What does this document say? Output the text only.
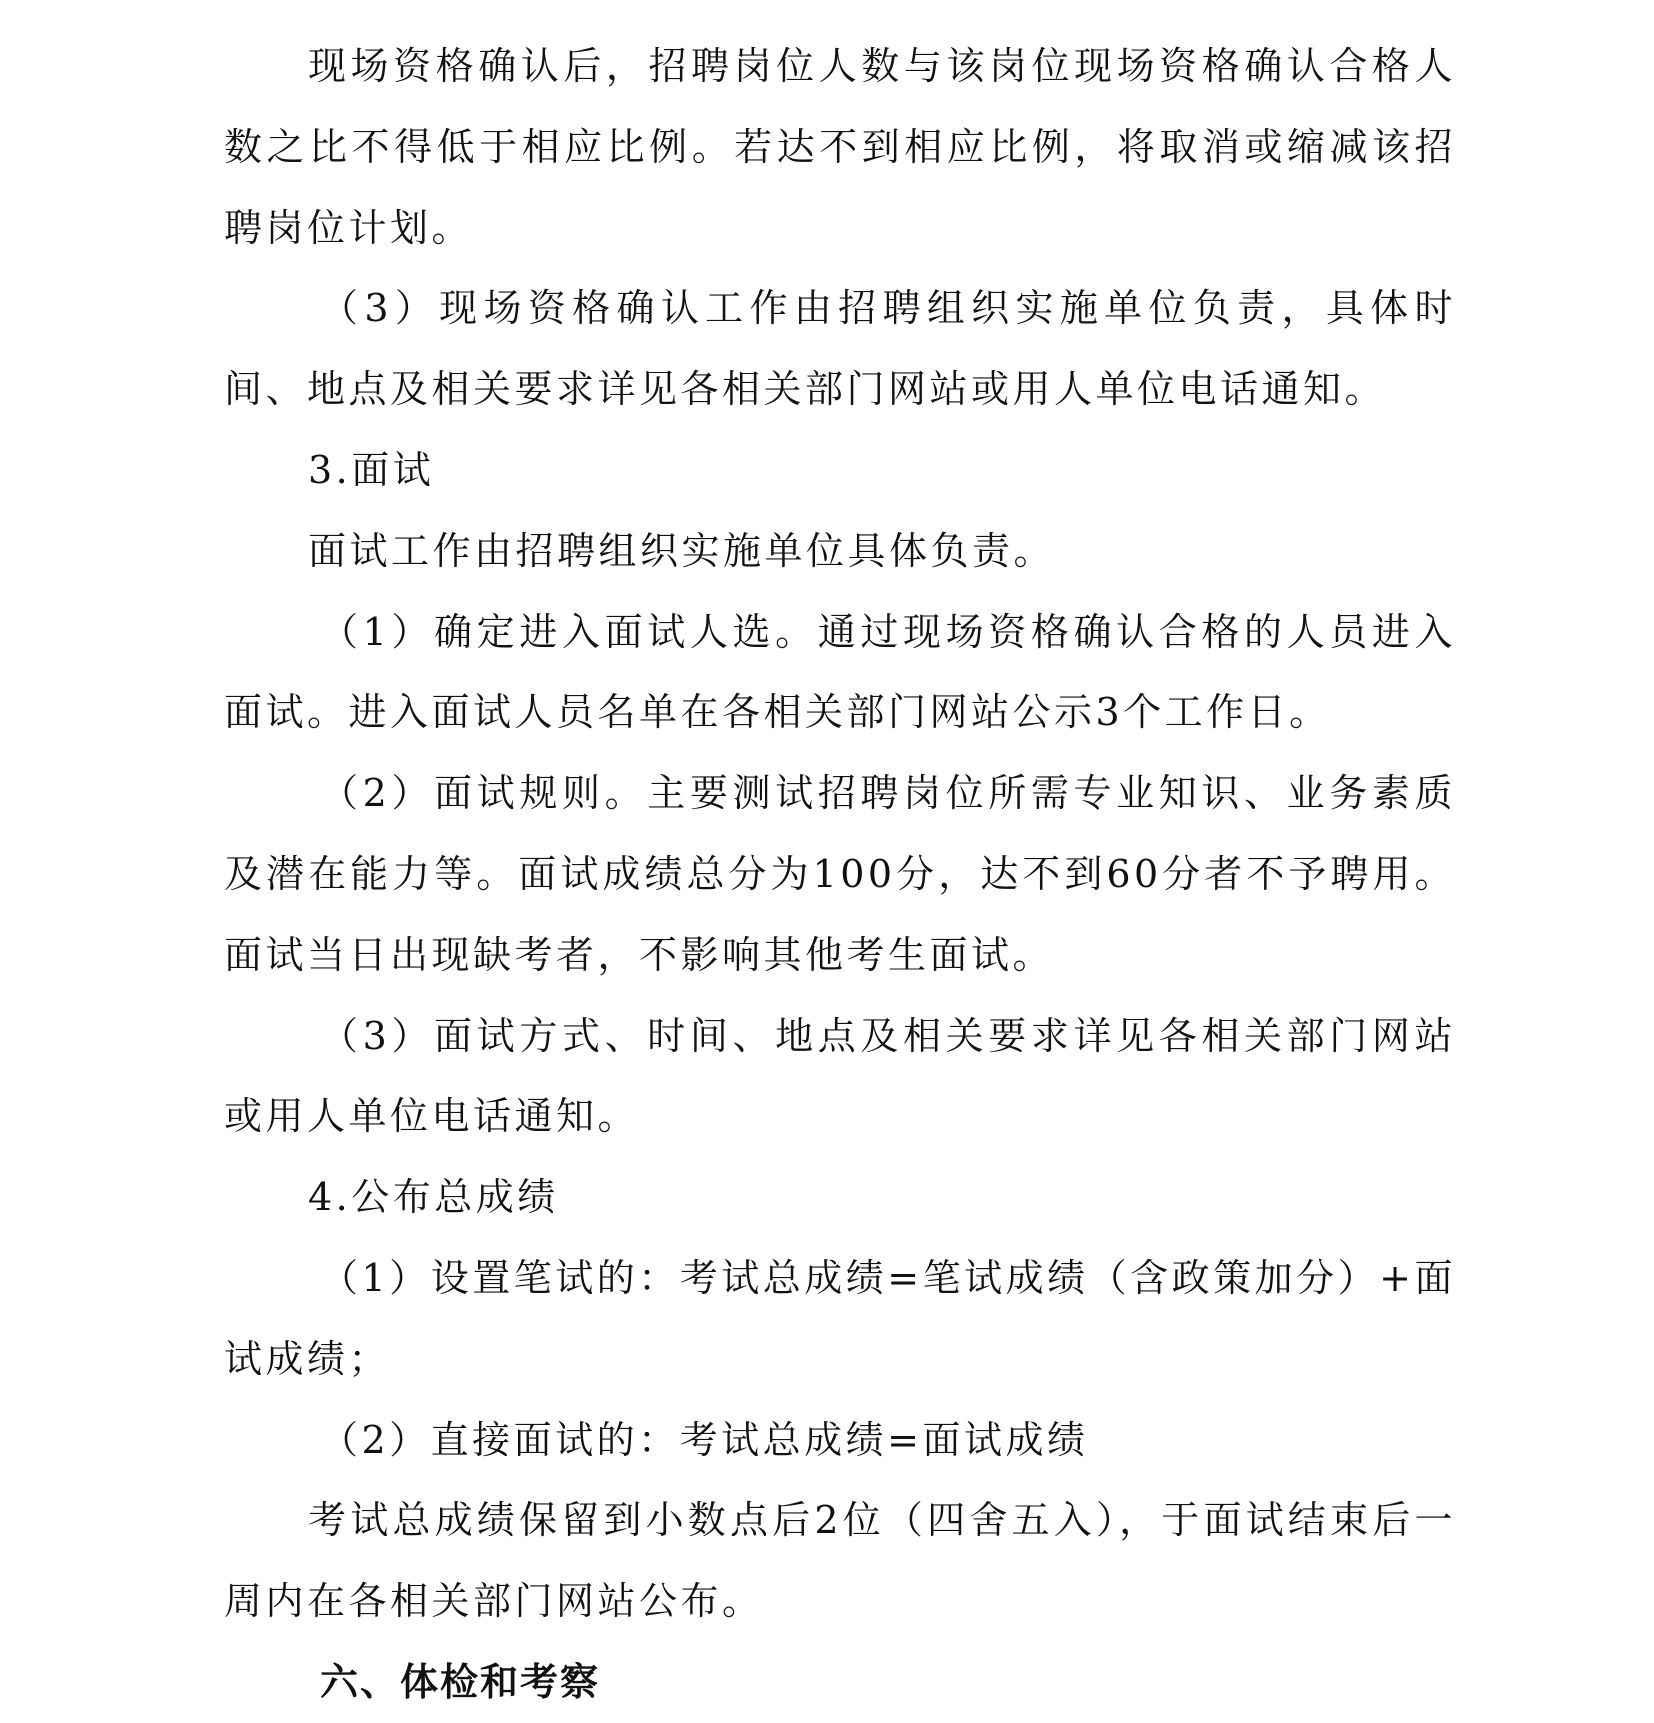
现场资格确认后，招聘岗位人数与该岗位现场资格确认合格人数之比不得低于相应比例。若达不到相应比例，将取消或缩减该招聘岗位计划。

（3）现场资格确认工作由招聘组织实施单位负责，具体时间、地点及相关要求详见各相关部门网站或用人单位电话通知。

3.面试

面试工作由招聘组织实施单位具体负责。

（1）确定进入面试人选。通过现场资格确认合格的人员进入面试。进入面试人员名单在各相关部门网站公示3个工作日。

（2）面试规则。主要测试招聘岗位所需专业知识、业务素质及潜在能力等。面试成绩总分为100分，达不到60分者不予聘用。面试当日出现缺考者，不影响其他考生面试。

（3）面试方式、时间、地点及相关要求详见各相关部门网站或用人单位电话通知。

4.公布总成绩

（1）设置笔试的：考试总成绩=笔试成绩（含政策加分）+面试成绩；

（2）直接面试的：考试总成绩=面试成绩

考试总成绩保留到小数点后2位（四舍五入），于面试结束后一周内在各相关部门网站公布。

六、体检和考察
